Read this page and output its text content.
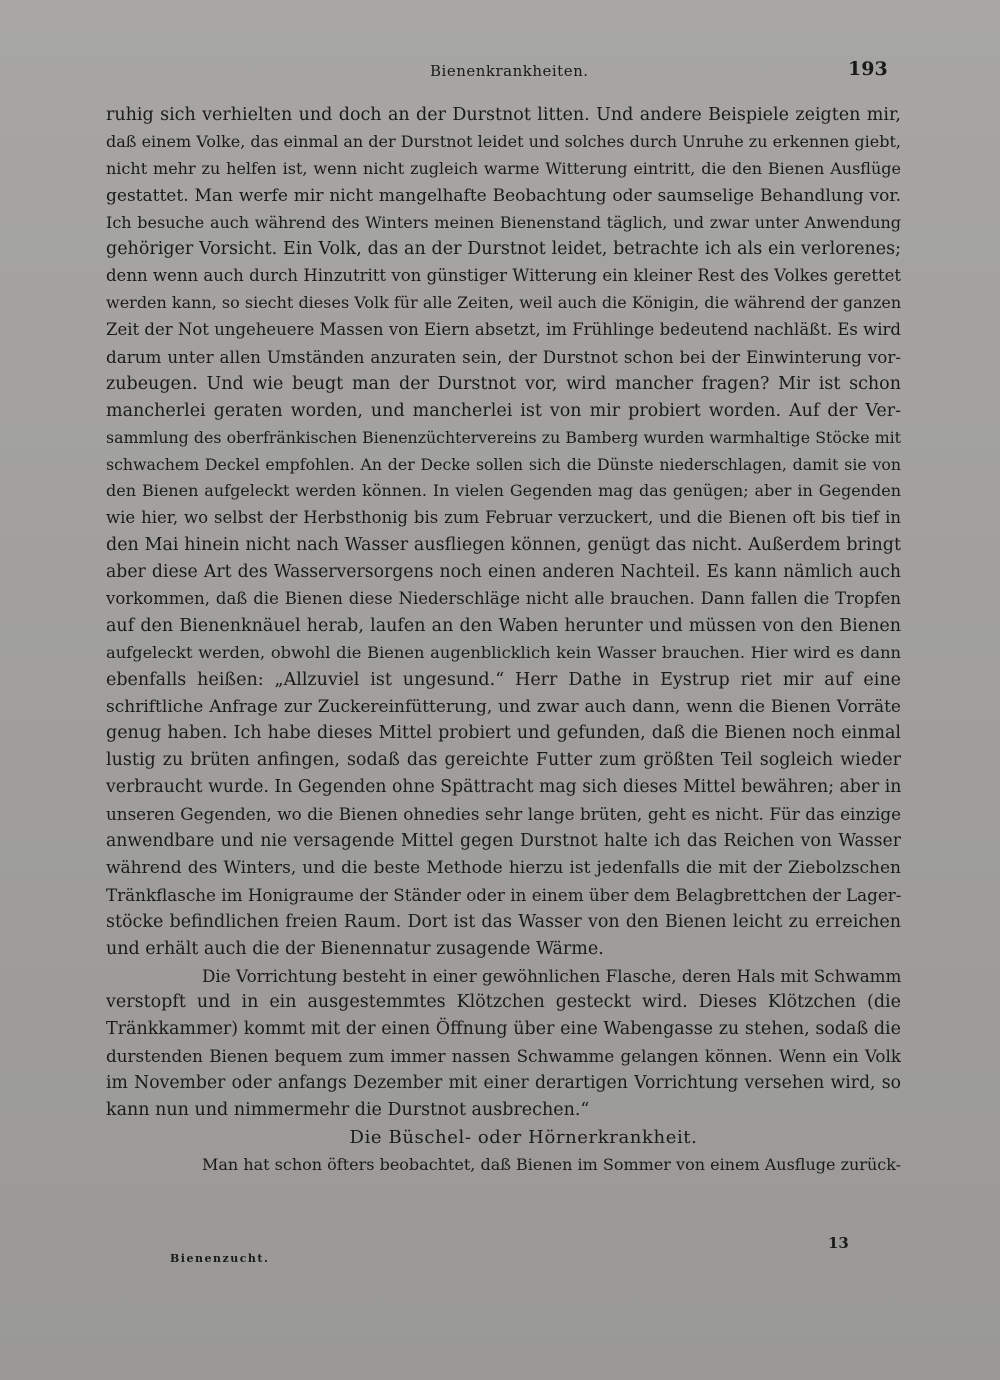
Bienenkrankheiten.	193
ruhig sich verhielten und doch an der Durstnot litten. Und andere Beispiele zeigten mir,
daß einem Volke, das einmal an der Durstnot leidet und solches durch Unruhe zu erkennen giebt,
nicht mehr zu helfen ist, wenn nicht zugleich warme Witterung eintritt, die den Bienen Ausflüge
gestattet. Man werfe mir nicht mangelhafte Beobachtung oder saumselige Behandlung vor.
Ich besuche auch während des Winters meinen Bienenstand täglich, und zwar unter Anwendung
gehöriger Vorsicht. Ein Volk, das an der Durstnot leidet, betrachte ich als ein verlorenes;
denn wenn auch durch Hinzutritt von günstiger Witterung ein kleiner Rest des Volkes gerettet
werden kann, so siecht dieses Volk für alle Zeiten, weil auch die Königin, die während der ganzen
Zeit der Not ungeheuere Massen von Eiern absetzt, im Frühlinge bedeutend nachläßt. Es wird
darum unter allen Umständen anzuraten sein, der Durstnot schon bei der Einwinterung vor-
zubeugen. Und wie beugt man der Durstnot vor, wird mancher fragen? Mir ist schon
mancherlei geraten worden, und mancherlei ist von mir probiert worden. Auf der Ver-
sammlung des oberfränkischen Bienenzüchtervereins zu Bamberg wurden warmhaltige Stöcke mit
schwachem Deckel empfohlen. An der Decke sollen sich die Dünste niederschlagen, damit sie von
den Bienen aufgeleckt werden können. In vielen Gegenden mag das genügen; aber in Gegenden
wie hier, wo selbst der Herbsthonig bis zum Februar verzuckert, und die Bienen oft bis tief in
den Mai hinein nicht nach Wasser ausfliegen können, genügt das nicht. Außerdem bringt
aber diese Art des Wasserversorgens noch einen anderen Nachteil. Es kann nämlich auch
vorkommen, daß die Bienen diese Niederschläge nicht alle brauchen. Dann fallen die Tropfen
auf den Bienenknäuel herab, laufen an den Waben herunter und müssen von den Bienen
aufgeleckt werden, obwohl die Bienen augenblicklich kein Wasser brauchen. Hier wird es dann
ebenfalls heißen: „Allzuviel ist ungesund.“ Herr Dathe in Eystrup riet mir auf eine
schriftliche Anfrage zur Zuckereinfütterung, und zwar auch dann, wenn die Bienen Vorräte
genug haben. Ich habe dieses Mittel probiert und gefunden, daß die Bienen noch einmal
lustig zu brüten anfingen, sodaß das gereichte Futter zum größten Teil sogleich wieder
verbraucht wurde. In Gegenden ohne Spättracht mag sich dieses Mittel bewähren; aber in
unseren Gegenden, wo die Bienen ohnedies sehr lange brüten, geht es nicht. Für das einzige
anwendbare und nie versagende Mittel gegen Durstnot halte ich das Reichen von Wasser
während des Winters, und die beste Methode hierzu ist jedenfalls die mit der Ziebolzschen
Tränkflasche im Honigraume der Ständer oder in einem über dem Belagbrettchen der Lager-
stöcke befindlichen freien Raum. Dort ist das Wasser von den Bienen leicht zu erreichen
und erhält auch die der Bienennatur zusagende Wärme.
Die Vorrichtung besteht in einer gewöhnlichen Flasche, deren Hals mit Schwamm
verstopft und in ein ausgestemmtes Klötzchen gesteckt wird. Dieses Klötzchen (die
Tränkkammer) kommt mit der einen Öffnung über eine Wabengasse zu stehen, sodaß die
durstenden Bienen bequem zum immer nassen Schwamme gelangen können. Wenn ein Volk
im November oder anfangs Dezember mit einer derartigen Vorrichtung versehen wird, so
kann nun und nimmermehr die Durstnot ausbrechen.“
Die Büschel- oder Hörnerkrankheit.
Man hat schon öfters beobachtet, daß Bienen im Sommer von einem Ausfluge zurück-
Bienenzucht.
13
